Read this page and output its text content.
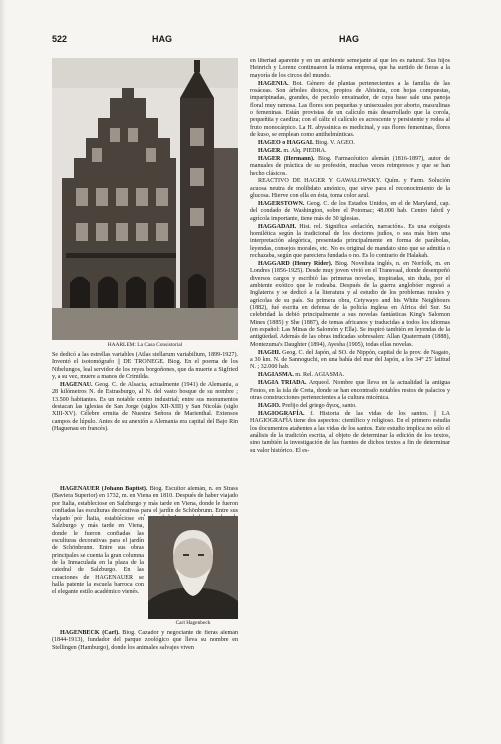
522	HAG	HAG
HAARLEM: La Casa Consistorial
Carl Hagenbeck

Se dedicó a las estrellas variables (Atlas stellarum variabilium, 1899-1927). Inventó el isotomógrafo || DE TRONEGE. Biog. En el poema de los Nibelungos, leal servidor de los reyes borgoñones, que da muerte a Sigfried y, a su vez, muere a manos de Crimilda.

HAGENAU. Geog. C. de Alsacia, actualmente (1941) de Alemania, a 28 kilómetros N. de Estrasburgo, al N. del vasto bosque de su nombre ; 13.500 habitantes. Es un notable centro industrial; entre sus monumentos destacan las iglesias de San Jorge (siglos XII-XIII) y San Nicolás (siglo XIII-XV). Célebre ermita de Nuestra Señora de Marienthal. Extensos campos de lúpulo. Antes de su anexión a Alemania era capital del Bajo Rin (Haguenau en francés).

HAGENAUER (Johann Baptist). Biog. Escultor alemán, n. en Strass (Baviera Superior) en 1732, m. en Viena en 1810. Después de haber viajado por Italia, estableciose en Salzburgo y más tarde en Viena, donde le fueron confiadas las esculturas decorativas para el jardín de Schönbrunn. Entre sus

viajado por Italia, estableciose en Salzburgo y más tarde en Viena, donde le fueron confiadas las esculturas decorativas para el jardín de Schönbrunn. Entre sus obras principales se cuenta la gran columna de la Inmaculada en la plaza de la catedral de Salzburgo. En las creaciones de HAGENAUER se halla patente la escuela barroca con el elegante estilo académico vienés.

HAGENBECK (Carl). Biog. Cazador y negociante de fieras alemán (1844-1913), fundador del parque zoológico que lleva su nombre en Stellingen (Hamburgo), donde los animales salvajes viven

en libertad aparente y en un ambiente semejante al que les es natural. Sus hijos Heinrich y Lorenz continuaron la misma empresa, que ha surtido de fieras a la mayoría de los circos del mundo.

HAGENIA. Bot. Género de plantas pertenecientes a la familia de las rosáceas. Son árboles dioicos, propios de Abisinia, con hojas compuestas, imparipinadas, grandes, de peciolo envainador, de cuya base sale una panoja floral muy ramosa. Las flores son pequeñas y unisexuales por aborto, masculinas o femeninas. Están provistas de un calículo más desarrollado que la corola, pequeñita y caediza; con el cáliz el calículo es acrescente y persistente y rodea al fruto monocárpico. La H. abyssinica es medicinal, y sus flores femeninas, flores de kuso, se emplean como antihelmínticas.

HAGEO o HAGGAI. Biog. V. AGEO.

HAGER. m. Alq. PIEDRA.

HAGER (Hermann). Biog. Farmacéutico alemán (1816-1897), autor de manuales de práctica de su profesión, muchas veces reimpresos y que se han hecho clásicos.

REACTIVO DE HAGER Y GAWALOWSKY. Quím. y Farm. Solución acuosa neutra de molibdato amónico, que sirve para el reconocimiento de la glucosa. Hierve con ella en ésta, toma color azul.

HAGERSTOWN. Geog. C. de los Estados Unidos, en el de Maryland, cap. del condado de Washington, sobre el Potomac; 48.000 hab. Centro fabril y agrícola importante, tiene más de 30 iglesias.

HAGGADAH. Hist. rel. Significa «relación, narración». Es una exégesis homilética según la tradicional de los doctores judíos, o sea más bien una interpretación alegórica, presentada principalmente en forma de parábolas, leyendas, consejos morales, etc. No es original de mandato sino que se admitía o rechazaba, según que pareciera fundada o no. Es lo contrario de Halakah.

HAGGARD (Henry Rider). Biog. Novelista inglés, n. en Norfolk, m. en Londres (1856-1925). Desde muy joven vivió en el Transvaal, donde desempeñó diversos cargos y escribió las primeras novelas, inspiradas, sin duda, por el ambiente exótico que le rodeaba. Después de la guerra anglobóer regresó a Inglaterra y se dedicó a la literatura y al estudio de los problemas rurales y agrícolas de su país. Su primera obra, Cetywayo and his White Neighbours (1882), fué escrita en defensa de la policía inglesa en África del Sur. Su celebridad la debió principalmente a sus novelas fantásticas King's Salomon Mines (1885) y She (1887), de temas africanos y traducidas a todos los idiomas (en español: Las Minas de Salomón y Ella). Se inspiró también en leyendas de la antigüedad. Además de las obras indicadas sobresalen: Allan Quatermain (1888), Montezuma's Daughter (1894), Ayesha (1905), todas ellas novelas.

HAGHI. Geog. C. del Japón, al SO. de Nippón, capital de la prov. de Nagato, a 30 km. N. de Sannoguchi, en una bahía del mar del Japón, a los 34° 25' latitud N. ; 32.000 hab.

HAGIASMA. m. Rel. AGIASMA.

HAGIA TRIADA. Arqueol. Nombre que lleva en la actualidad la antigua Festos, en la isla de Creta, donde se han encontrado notables restos de palacios y otras construcciones pertenecientes a la cultura micénica.

HAGIO. Prefijo del griego ἅγιος, santo.

HAGIOGRAFÍA. f. Historia de las vidas de los santos. || LA HAGIOGRAFÍA tiene dos aspectos: científico y religioso. En el primero estudia los documentos atañentes a las vidas de los santos. Este estudio implica no sólo el análisis de la tradición escrita, al objeto de determinar la edición de los textos, sino también la investigación de las fuentes de dichos textos a fin de determinar su valor histórico. El es-
